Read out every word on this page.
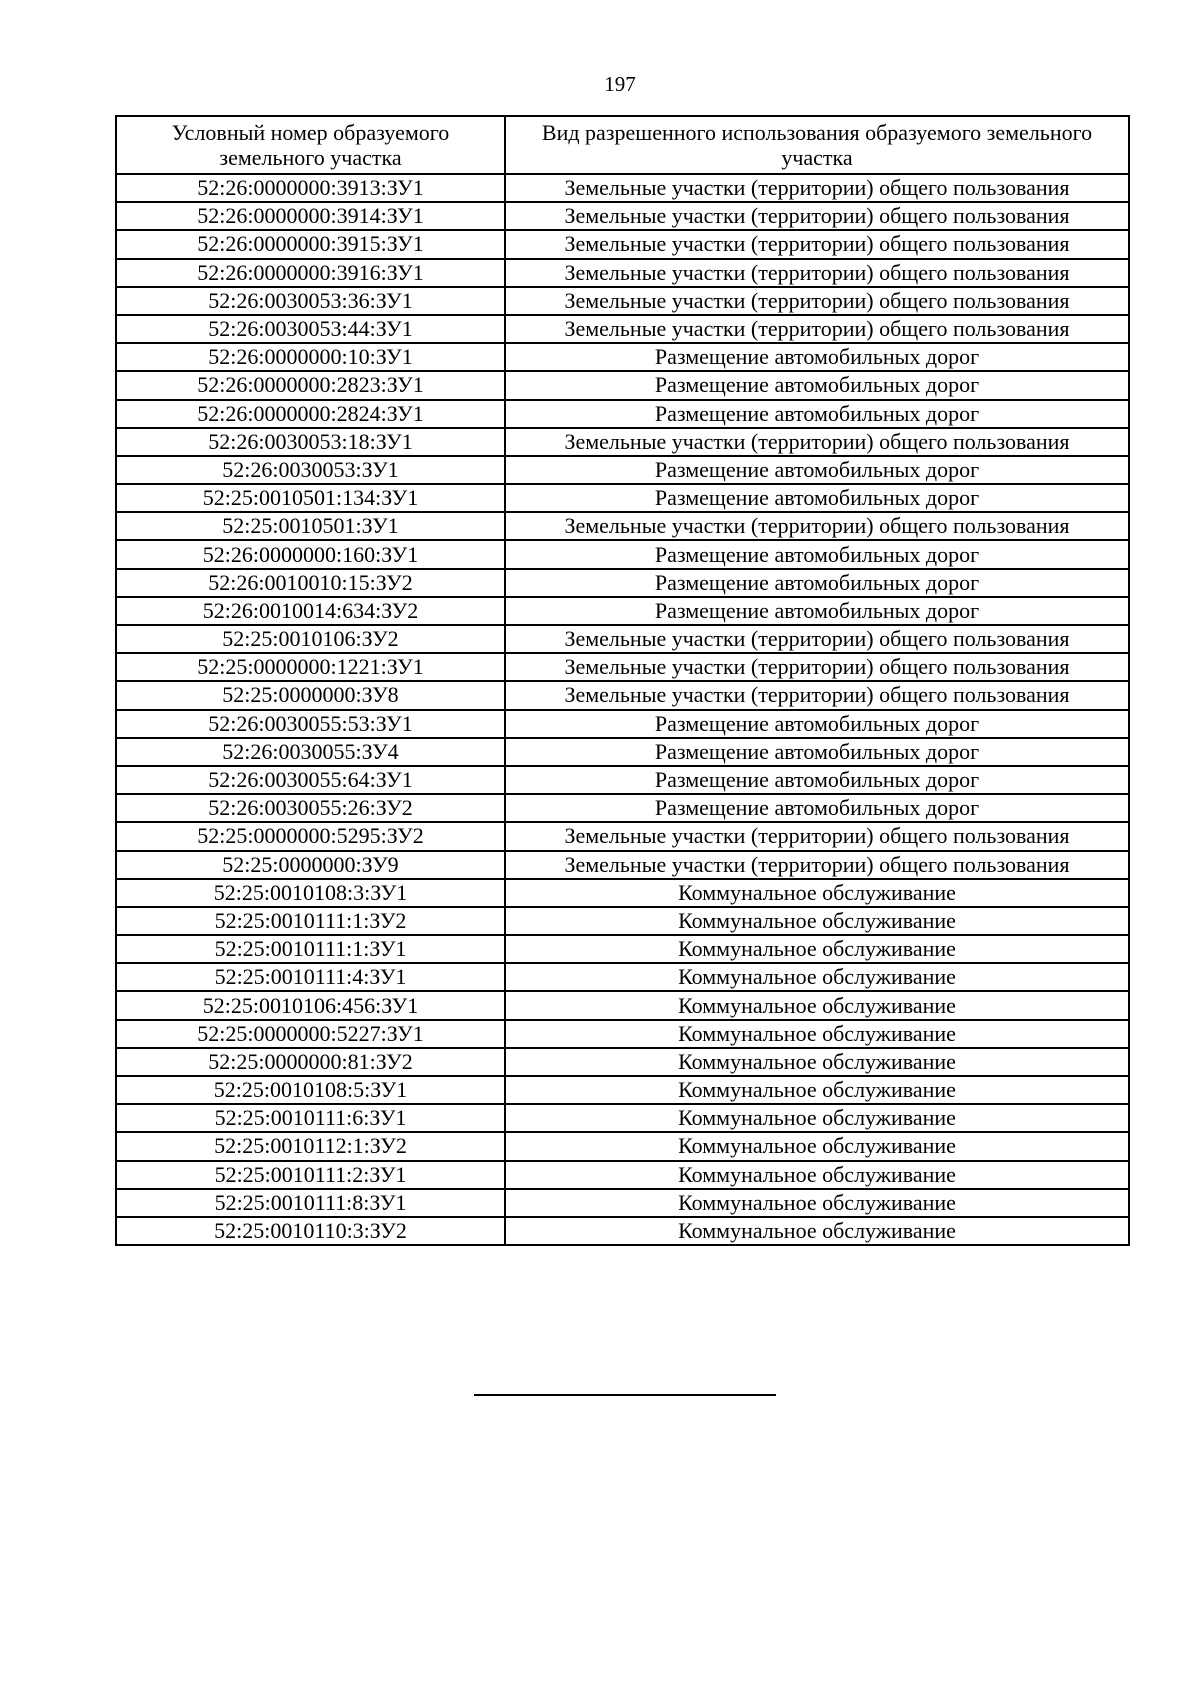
197
Условный номер образуемого земельного участка	Вид разрешенного использования образуемого земельного участка
52:26:0000000:3913:ЗУ1	Земельные участки (территории) общего пользования
52:26:0000000:3914:ЗУ1	Земельные участки (территории) общего пользования
52:26:0000000:3915:ЗУ1	Земельные участки (территории) общего пользования
52:26:0000000:3916:ЗУ1	Земельные участки (территории) общего пользования
52:26:0030053:36:ЗУ1	Земельные участки (территории) общего пользования
52:26:0030053:44:ЗУ1	Земельные участки (территории) общего пользования
52:26:0000000:10:ЗУ1	Размещение автомобильных дорог
52:26:0000000:2823:ЗУ1	Размещение автомобильных дорог
52:26:0000000:2824:ЗУ1	Размещение автомобильных дорог
52:26:0030053:18:ЗУ1	Земельные участки (территории) общего пользования
52:26:0030053:ЗУ1	Размещение автомобильных дорог
52:25:0010501:134:ЗУ1	Размещение автомобильных дорог
52:25:0010501:ЗУ1	Земельные участки (территории) общего пользования
52:26:0000000:160:ЗУ1	Размещение автомобильных дорог
52:26:0010010:15:ЗУ2	Размещение автомобильных дорог
52:26:0010014:634:ЗУ2	Размещение автомобильных дорог
52:25:0010106:ЗУ2	Земельные участки (территории) общего пользования
52:25:0000000:1221:ЗУ1	Земельные участки (территории) общего пользования
52:25:0000000:ЗУ8	Земельные участки (территории) общего пользования
52:26:0030055:53:ЗУ1	Размещение автомобильных дорог
52:26:0030055:ЗУ4	Размещение автомобильных дорог
52:26:0030055:64:ЗУ1	Размещение автомобильных дорог
52:26:0030055:26:ЗУ2	Размещение автомобильных дорог
52:25:0000000:5295:ЗУ2	Земельные участки (территории) общего пользования
52:25:0000000:ЗУ9	Земельные участки (территории) общего пользования
52:25:0010108:3:ЗУ1	Коммунальное обслуживание
52:25:0010111:1:ЗУ2	Коммунальное обслуживание
52:25:0010111:1:ЗУ1	Коммунальное обслуживание
52:25:0010111:4:ЗУ1	Коммунальное обслуживание
52:25:0010106:456:ЗУ1	Коммунальное обслуживание
52:25:0000000:5227:ЗУ1	Коммунальное обслуживание
52:25:0000000:81:ЗУ2	Коммунальное обслуживание
52:25:0010108:5:ЗУ1	Коммунальное обслуживание
52:25:0010111:6:ЗУ1	Коммунальное обслуживание
52:25:0010112:1:ЗУ2	Коммунальное обслуживание
52:25:0010111:2:ЗУ1	Коммунальное обслуживание
52:25:0010111:8:ЗУ1	Коммунальное обслуживание
52:25:0010110:3:ЗУ2	Коммунальное обслуживание
